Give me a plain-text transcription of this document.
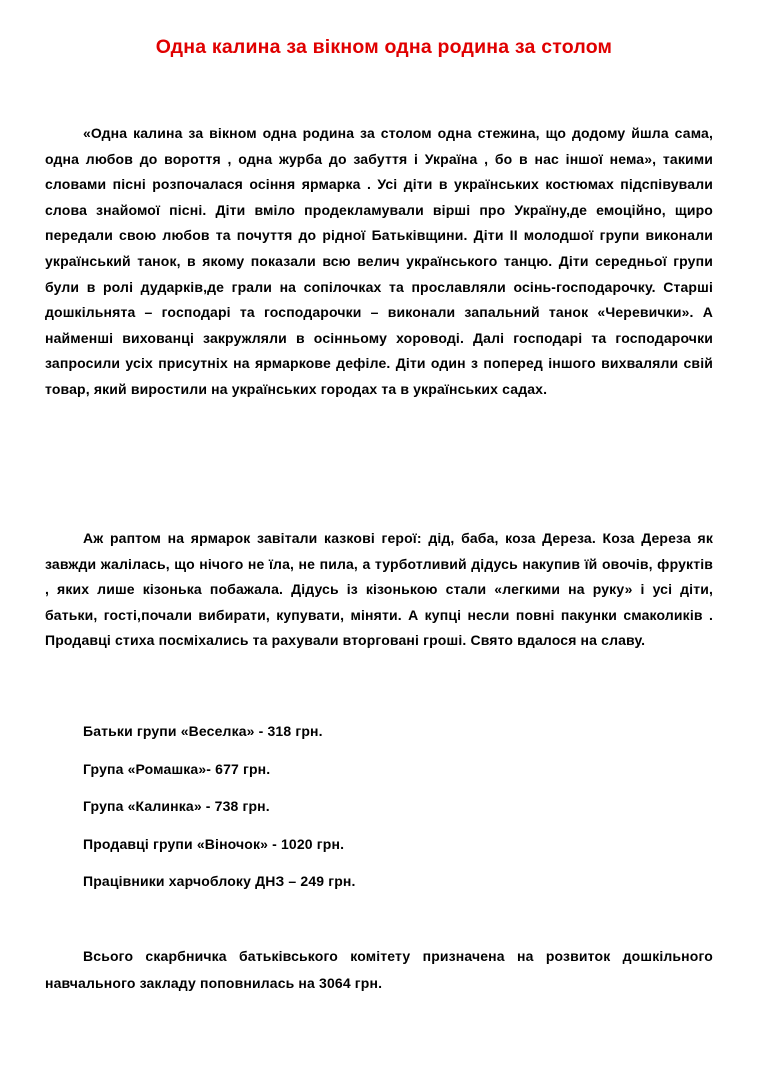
Одна калина за вікном одна родина за столом

«Одна калина за вікном одна родина за столом одна стежина, що додому йшла сама, одна любов до вороття , одна журба до забуття і Україна , бо в нас іншої нема», такими словами пісні розпочалася осіння ярмарка . Усі діти в українських костюмах підспівували слова знайомої пісні. Діти вміло продекламували вірші про Україну,де емоційно, щиро передали свою любов та почуття до рідної Батьківщини. Діти ІІ молодшої групи виконали український танок, в якому показали всю велич українського танцю. Діти середньої групи були в ролі дударків,де грали на сопілочках та прославляли осінь-господарочку. Старші дошкільнята – господарі та господарочки – виконали запальний танок «Черевички». А найменші вихованці закружляли в осінньому хороводі. Далі господарі та господарочки запросили усіх присутніх на ярмаркове дефіле. Діти один з поперед іншого вихваляли свій товар, який виростили на українських городах та в українських садах.

Аж раптом на ярмарок завітали казкові герої: дід, баба, коза Дереза. Коза Дереза як завжди жалілась, що нічого не їла, не пила, а турботливий дідусь накупив їй овочів, фруктів , яких лише кізонька побажала. Дідусь із кізонькою стали «легкими на руку» і усі діти, батьки, гості,почали вибирати, купувати, міняти. А купці несли повні пакунки смаколиків . Продавці стиха посміхались та рахували вторговані гроші. Свято вдалося на славу.

Батьки групи «Веселка» - 318 грн.
Група «Ромашка»- 677 грн.
Група «Калинка» - 738 грн.
Продавці групи «Віночок» - 1020 грн.
Працівники харчоблоку ДНЗ – 249 грн.

Всього скарбничка батьківського комітету призначена на розвиток дошкільного навчального закладу поповнилась на 3064 грн.
